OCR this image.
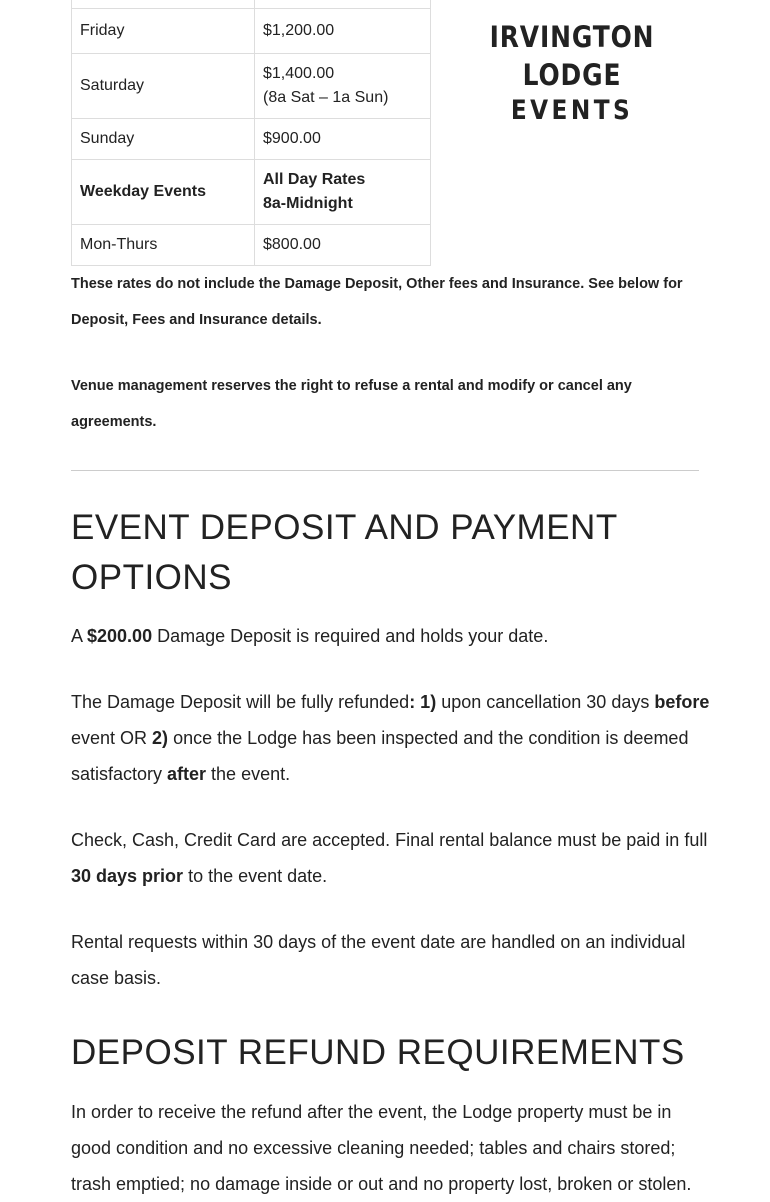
Friday	$1,200.00
Saturday	$1,400.00
(8a Sat – 1a Sun)

Sunday	$900.00
Weekday Events	All Day Rates
8a-Midnight

Mon-Thurs	$800.00
IRVINGTON LODGE
EVENTS
These rates do not include the Damage Deposit, Other fees and Insurance. See below for Deposit, Fees and Insurance details.
Venue management reserves the right to refuse a rental and modify or cancel any agreements.
EVENT DEPOSIT AND PAYMENT OPTIONS

A $200.00 Damage Deposit is required and holds your date.

The Damage Deposit will be fully refunded: 1) upon cancellation 30 days before event OR 2) once the Lodge has been inspected and the condition is deemed satisfactory after the event.

Check, Cash, Credit Card are accepted. Final rental balance must be paid in full 30 days prior to the event date.

Rental requests within 30 days of the event date are handled on an individual case basis.

DEPOSIT REFUND REQUIREMENTS

In order to receive the refund after the event, the Lodge property must be in good condition and no excessive cleaning needed; tables and chairs stored; trash emptied; no damage inside or out and no property lost, broken or stolen.
